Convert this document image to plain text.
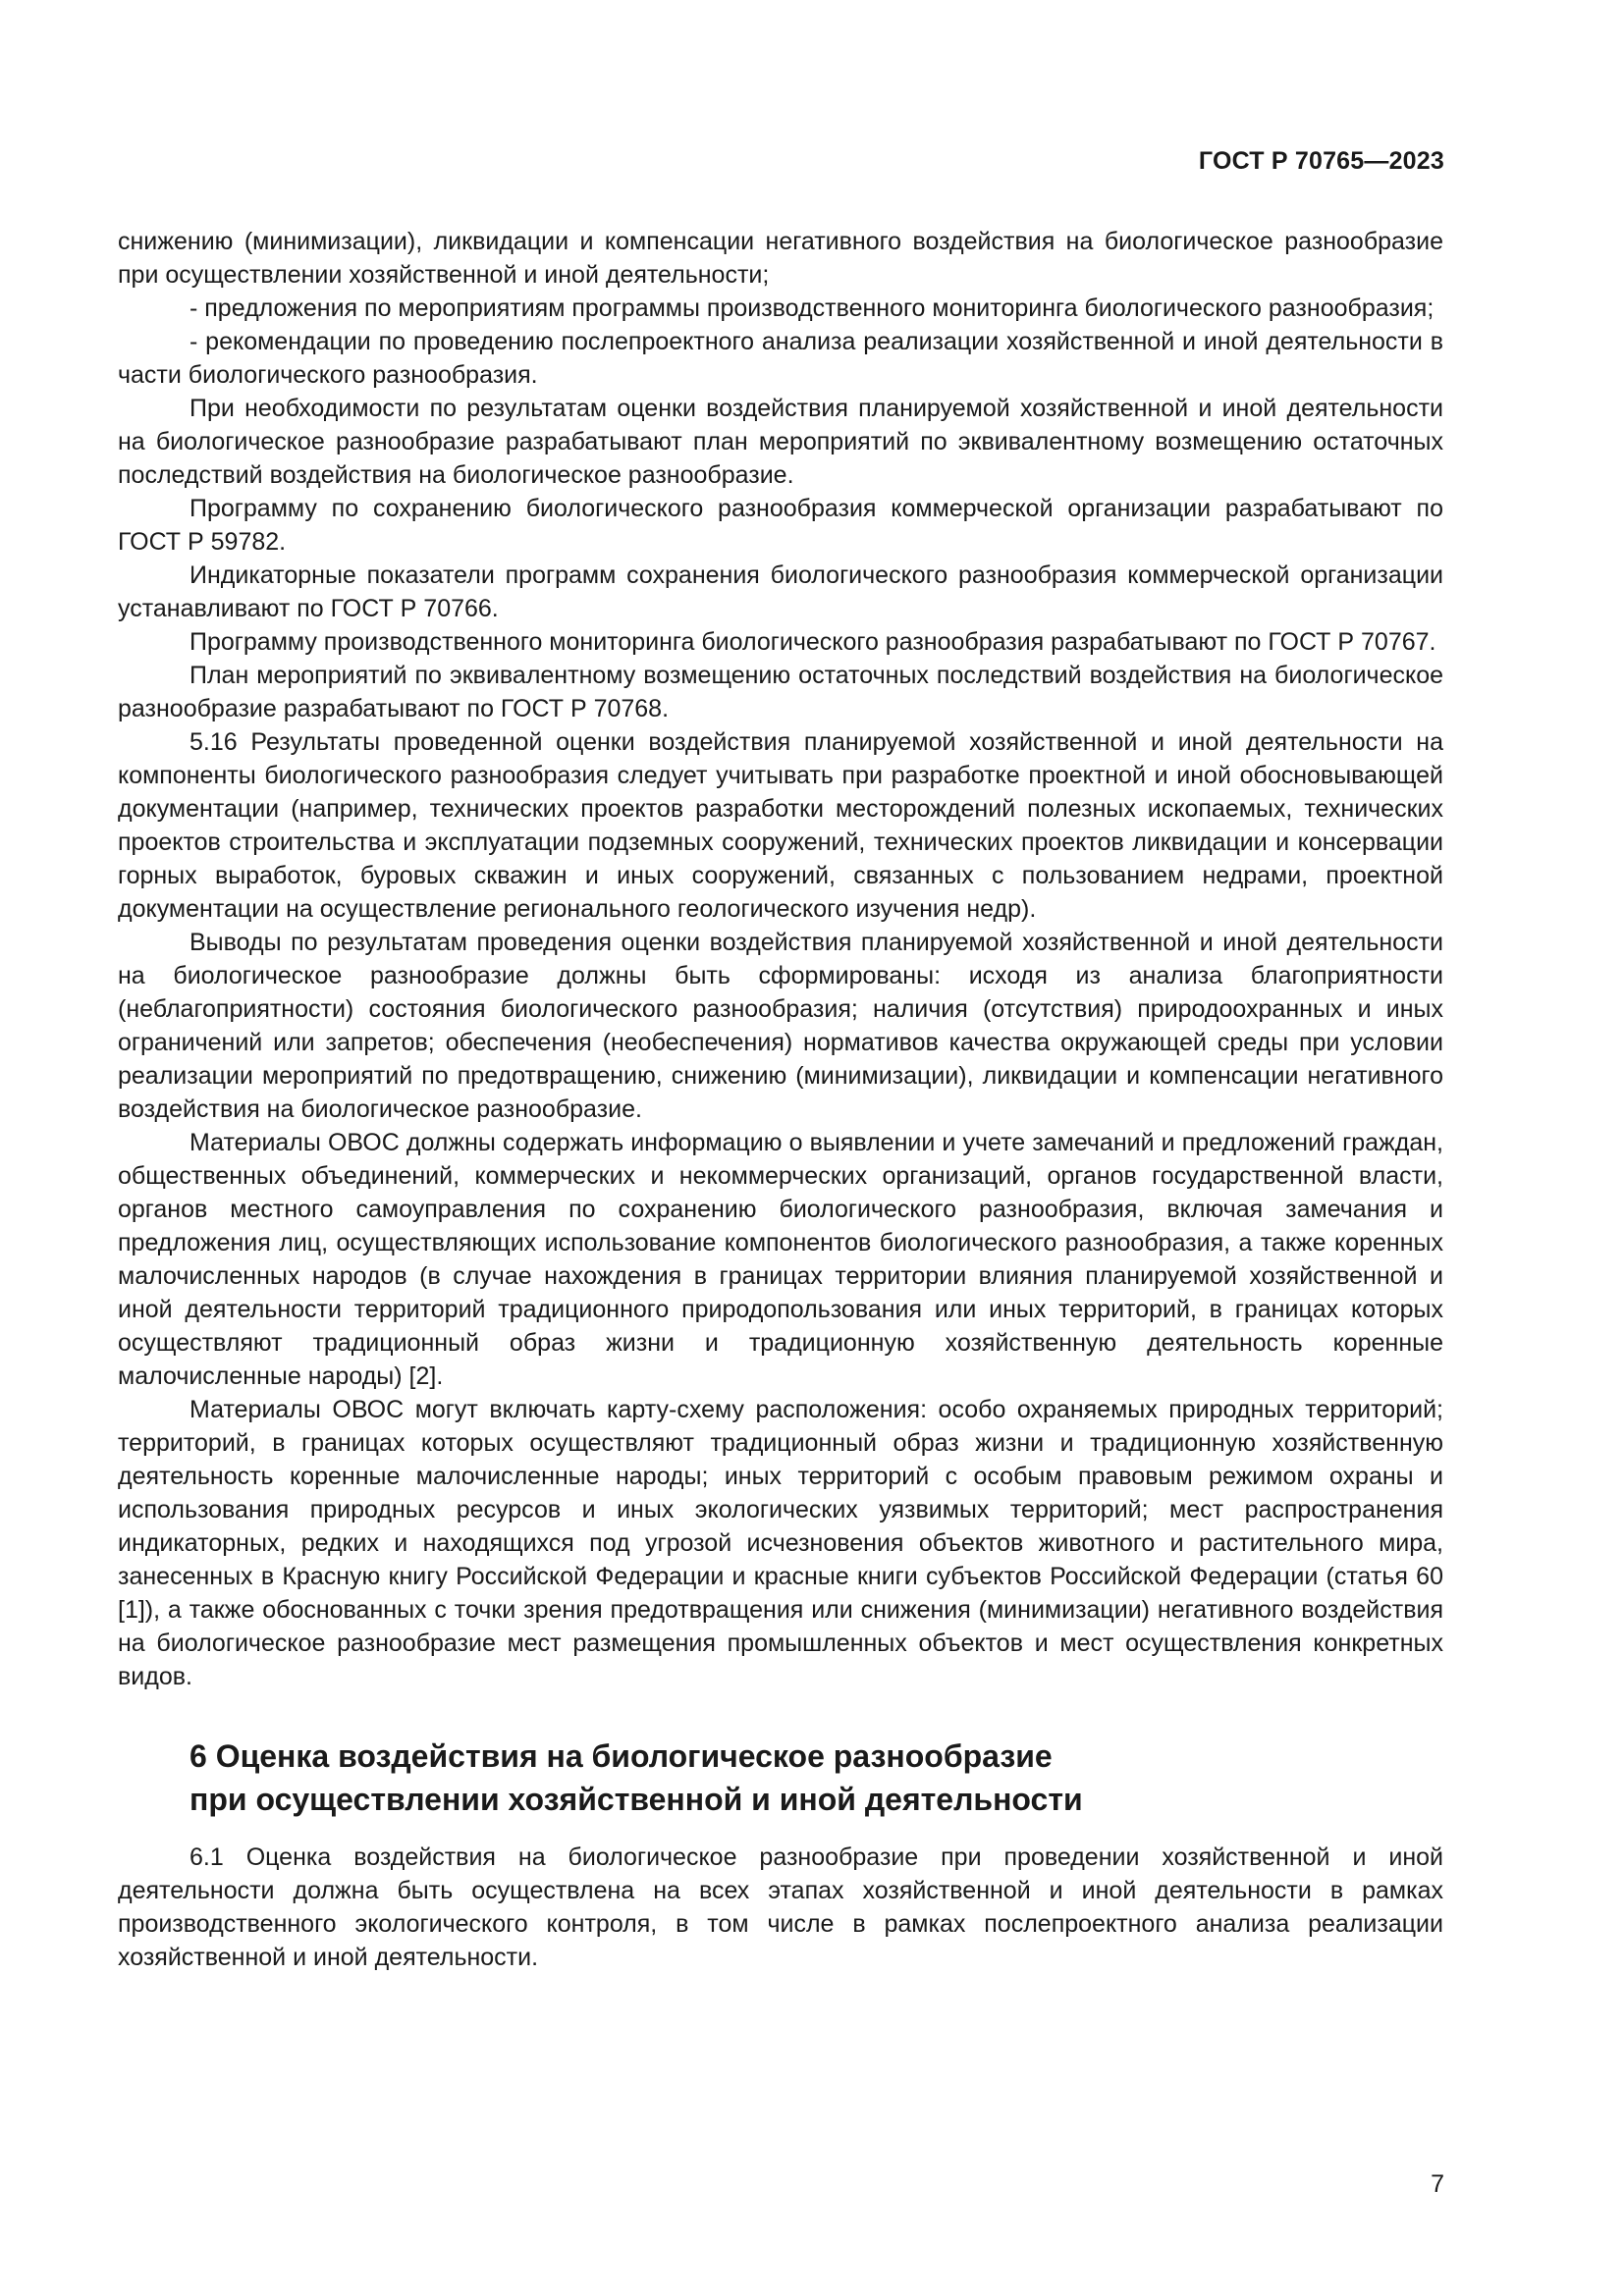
ГОСТ Р 70765—2023

снижению (минимизации), ликвидации и компенсации негативного воздействия на биологическое разнообразие при осуществлении хозяйственной и иной деятельности;

- предложения по мероприятиям программы производственного мониторинга биологического разнообразия;

- рекомендации по проведению послепроектного анализа реализации хозяйственной и иной деятельности в части биологического разнообразия.

При необходимости по результатам оценки воздействия планируемой хозяйственной и иной деятельности на биологическое разнообразие разрабатывают план мероприятий по эквивалентному возмещению остаточных последствий воздействия на биологическое разнообразие.

Программу по сохранению биологического разнообразия коммерческой организации разрабатывают по ГОСТ Р 59782.

Индикаторные показатели программ сохранения биологического разнообразия коммерческой организации устанавливают по ГОСТ Р 70766.

Программу производственного мониторинга биологического разнообразия разрабатывают по ГОСТ Р 70767.

План мероприятий по эквивалентному возмещению остаточных последствий воздействия на биологическое разнообразие разрабатывают по ГОСТ Р 70768.

5.16 Результаты проведенной оценки воздействия планируемой хозяйственной и иной деятельности на компоненты биологического разнообразия следует учитывать при разработке проектной и иной обосновывающей документации (например, технических проектов разработки месторождений полезных ископаемых, технических проектов строительства и эксплуатации подземных сооружений, технических проектов ликвидации и консервации горных выработок, буровых скважин и иных сооружений, связанных с пользованием недрами, проектной документации на осуществление регионального геологического изучения недр).

Выводы по результатам проведения оценки воздействия планируемой хозяйственной и иной деятельности на биологическое разнообразие должны быть сформированы: исходя из анализа благоприятности (неблагоприятности) состояния биологического разнообразия; наличия (отсутствия) природоохранных и иных ограничений или запретов; обеспечения (необеспечения) нормативов качества окружающей среды при условии реализации мероприятий по предотвращению, снижению (минимизации), ликвидации и компенсации негативного воздействия на биологическое разнообразие.

Материалы ОВОС должны содержать информацию о выявлении и учете замечаний и предложений граждан, общественных объединений, коммерческих и некоммерческих организаций, органов государственной власти, органов местного самоуправления по сохранению биологического разнообразия, включая замечания и предложения лиц, осуществляющих использование компонентов биологического разнообразия, а также коренных малочисленных народов (в случае нахождения в границах территории влияния планируемой хозяйственной и иной деятельности территорий традиционного природопользования или иных территорий, в границах которых осуществляют традиционный образ жизни и традиционную хозяйственную деятельность коренные малочисленные народы) [2].

Материалы ОВОС могут включать карту-схему расположения: особо охраняемых природных территорий; территорий, в границах которых осуществляют традиционный образ жизни и традиционную хозяйственную деятельность коренные малочисленные народы; иных территорий с особым правовым режимом охраны и использования природных ресурсов и иных экологических уязвимых территорий; мест распространения индикаторных, редких и находящихся под угрозой исчезновения объектов животного и растительного мира, занесенных в Красную книгу Российской Федерации и красные книги субъектов Российской Федерации (статья 60 [1]), а также обоснованных с точки зрения предотвращения или снижения (минимизации) негативного воздействия на биологическое разнообразие мест размещения промышленных объектов и мест осуществления конкретных видов.

6 Оценка воздействия на биологическое разнообразие
при осуществлении хозяйственной и иной деятельности

6.1 Оценка воздействия на биологическое разнообразие при проведении хозяйственной и иной деятельности должна быть осуществлена на всех этапах хозяйственной и иной деятельности в рамках производственного экологического контроля, в том числе в рамках послепроектного анализа реализации хозяйственной и иной деятельности.

7
